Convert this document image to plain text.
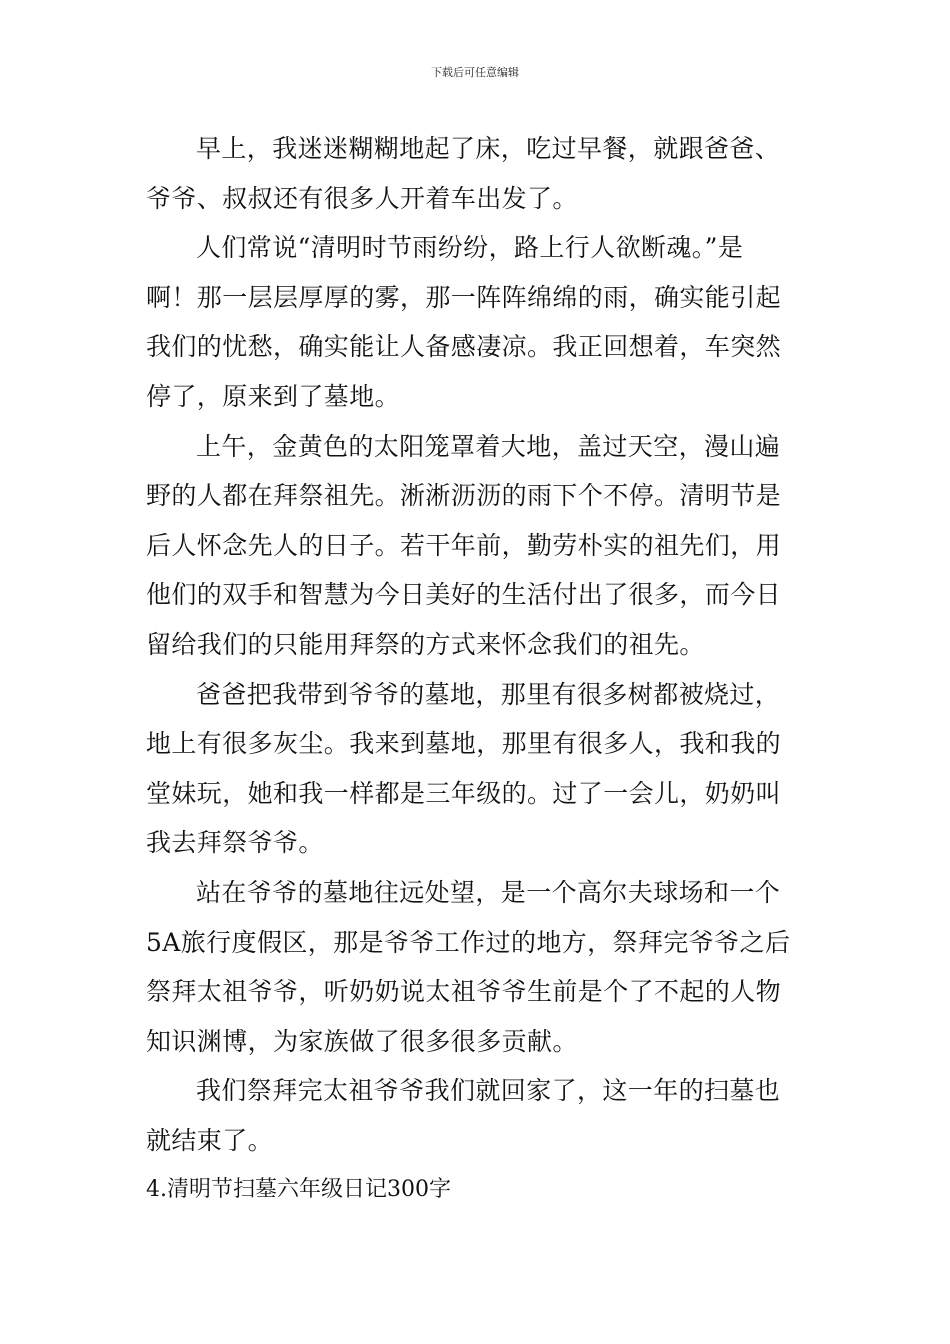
下载后可任意编辑

早上，我迷迷糊糊地起了床，吃过早餐，就跟爸爸、
爷爷、叔叔还有很多人开着车出发了。

人们常说“清明时节雨纷纷，路上行人欲断魂。”是
啊！那一层层厚厚的雾，那一阵阵绵绵的雨，确实能引起
我们的忧愁，确实能让人备感凄凉。我正回想着，车突然
停了，原来到了墓地。

上午，金黄色的太阳笼罩着大地，盖过天空，漫山遍
野的人都在拜祭祖先。淅淅沥沥的雨下个不停。清明节是
后人怀念先人的日子。若干年前，勤劳朴实的祖先们，用
他们的双手和智慧为今日美好的生活付出了很多，而今日
留给我们的只能用拜祭的方式来怀念我们的祖先。

爸爸把我带到爷爷的墓地，那里有很多树都被烧过，
地上有很多灰尘。我来到墓地，那里有很多人，我和我的
堂妹玩，她和我一样都是三年级的。过了一会儿，奶奶叫
我去拜祭爷爷。

站在爷爷的墓地往远处望，是一个高尔夫球场和一个
5A旅行度假区，那是爷爷工作过的地方，祭拜完爷爷之后
祭拜太祖爷爷，听奶奶说太祖爷爷生前是个了不起的人物
知识渊博，为家族做了很多很多贡献。

我们祭拜完太祖爷爷我们就回家了，这一年的扫墓也
就结束了。

4.清明节扫墓六年级日记300字
